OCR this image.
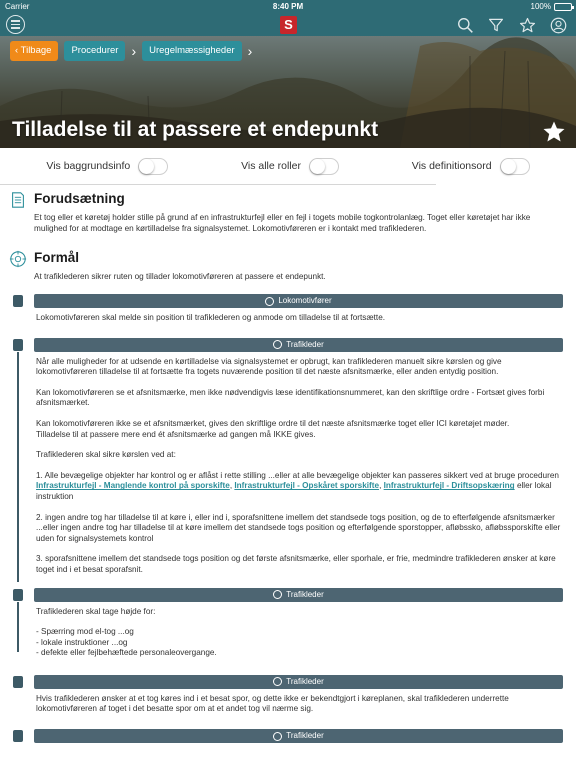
Carrier	8:40 PM	100%
S
‹ Tilbage	Procedurer ›	Uregelmæssigheder ›
Tilladelse til at passere et endepunkt
Vis baggrundsinfo	Vis alle roller	Vis definitionsord
Forudsætning

Et tog eller et køretøj holder stille på grund af en infrastrukturfejl eller en fejl i togets mobile togkontrolanlæg. Toget eller køretøjet har ikke mulighed for at modtage en kørtilladelse fra signalsystemet. Lokomotivføreren er i kontakt med trafiklederen.

Formål

At trafiklederen sikrer ruten og tillader lokomotivføreren at passere et endepunkt.

Lokomotivfører
Lokomotivføreren skal melde sin position til trafiklederen og anmode om tilladelse til at fortsætte.
Trafikleder
Når alle muligheder for at udsende en kørtilladelse via signalsystemet er opbrugt, kan trafiklederen manuelt sikre kørslen og give lokomotivføreren tilladelse til at fortsætte fra togets nuværende position til det næste afsnitsmærke, eller anden entydig position.
Kan lokomotivføreren se et afsnitsmærke, men ikke nødvendigvis læse identifikationsnummeret, kan den skriftlige ordre - Fortsæt gives forbi afsnitsmærket.
Kan lokomotivføreren ikke se et afsnitsmærket, gives den skriftlige ordre til det næste afsnitsmærke toget eller ICI køretøjet møder.
Tilladelse til at passere mere end ét afsnitsmærke ad gangen må IKKE gives.
Trafiklederen skal sikre kørslen ved at:
1. Alle bevægelige objekter har kontrol og er aflåst i rette stilling ...eller at alle bevægelige objekter kan passeres sikkert ved at bruge proceduren Infrastrukturfejl - Manglende kontrol på sporskifte, Infrastrukturfejl - Opskåret sporskifte, Infrastrukturfejl - Driftsopskæring eller lokal instruktion
2. ingen andre tog har tilladelse til at køre i, eller ind i, sporafsnittene imellem det standsede togs position, og de to efterfølgende afsnitsmærker ...eller ingen andre tog har tilladelse til at køre imellem det standsede togs position og efterfølgende sporstopper, afløbssko, afløbssporskifte eller uden for signalsystemets kontrol
3. sporafsnittene imellem det standsede togs position og det første afsnitsmærke, eller sporhale, er frie, medmindre trafiklederen ønsker at køre toget ind i et besat sporafsnit.
Trafikleder
Trafiklederen skal tage højde for:
- Spærring mod el-tog ...og
- lokale instruktioner ...og
- defekte eller fejlbehæftede personaleovergange.
Trafikleder
Hvis trafiklederen ønsker at et tog køres ind i et besat spor, og dette ikke er bekendtgjort i køreplanen, skal trafiklederen underrette lokomotivføreren af toget i det besatte spor om at et andet tog vil nærme sig.
Trafikleder
